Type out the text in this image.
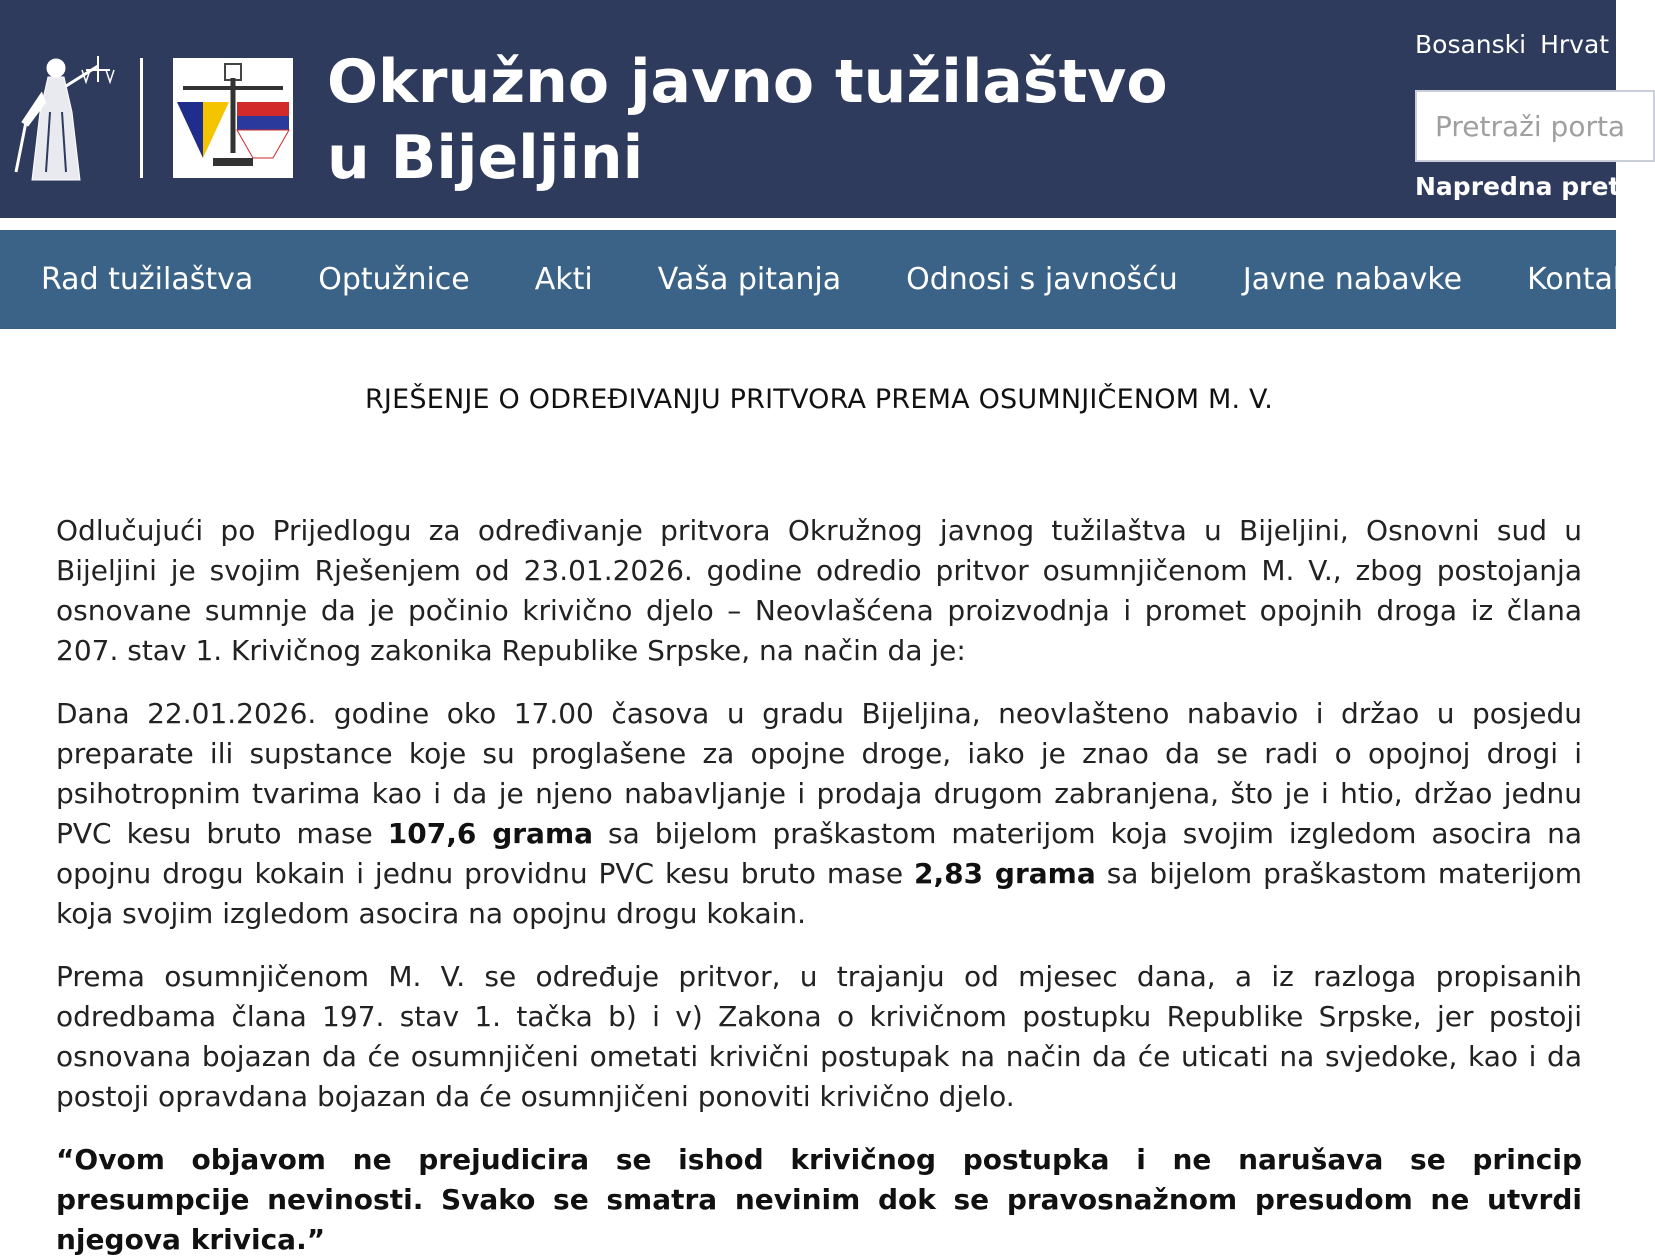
Okružno javno tužilaštvo u Bijeljini
Bosanski Hrvat
Pretraži porta
Napredna pret
Rad tužilaštva Optužnice Akti Vaša pitanja Odnosi s javnošću Javne nabavke Kontak
RJEŠENJE O ODREĐIVANJU PRITVORA PREMA OSUMNJIČENOM M. V.

Odlučujući po Prijedlogu za određivanje pritvora Okružnog javnog tužilaštva u Bijeljini, Osnovni sud u Bijeljini je svojim Rješenjem od 23.01.2026. godine odredio pritvor osumnjičenom M. V., zbog postojanja osnovane sumnje da je počinio krivično djelo – Neovlašćena proizvodnja i promet opojnih droga iz člana 207. stav 1. Krivičnog zakonika Republike Srpske, na način da je:

Dana 22.01.2026. godine oko 17.00 časova u gradu Bijeljina, neovlašteno nabavio i držao u posjedu preparate ili supstance koje su proglašene za opojne droge, iako je znao da se radi o opojnoj drogi i psihotropnim tvarima kao i da je njeno nabavljanje i prodaja drugom zabranjena, što je i htio, držao jednu PVC kesu bruto mase 107,6 grama sa bijelom praškastom materijom koja svojim izgledom asocira na opojnu drogu kokain i jednu providnu PVC kesu bruto mase 2,83 grama sa bijelom praškastom materijom koja svojim izgledom asocira na opojnu drogu kokain.

Prema osumnjičenom M. V. se određuje pritvor, u trajanju od mjesec dana, a iz razloga propisanih odredbama člana 197. stav 1. tačka b) i v) Zakona o krivičnom postupku Republike Srpske, jer postoji osnovana bojazan da će osumnjičeni ometati krivični postupak na način da će uticati na svjedoke, kao i da postoji opravdana bojazan da će osumnjičeni ponoviti krivično djelo.

“Ovom objavom ne prejudicira se ishod krivičnog postupka i ne narušava se princip presumpcije nevinosti. Svako se smatra nevinim dok se pravosnažnom presudom ne utvrdi njegova krivica.”
